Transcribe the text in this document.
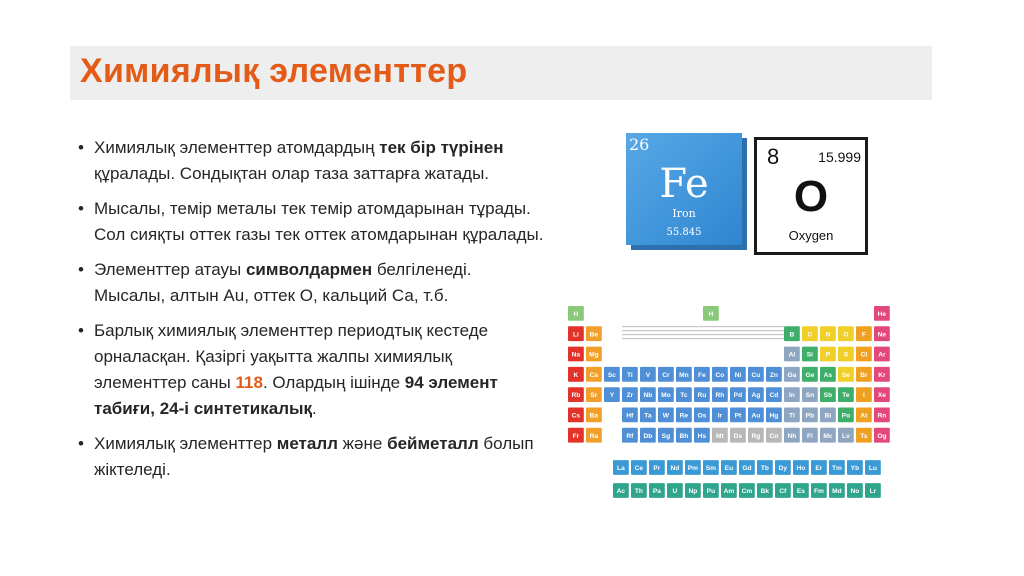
Химиялық элементтер
• Химиялық элементтер атомдардың тек бір түрінен құралады. Сондықтан олар таза заттарға жатады.
• Мысалы, темір металы тек темір атомдарынан тұрады. Сол сияқты оттек газы тек оттек атомдарынан құралады.
• Элементтер атауы символдармен белгіленеді. Мысалы, алтын Au, оттек О, кальций Са, т.б.
• Барлық химиялық элементтер периодтық кестеде орналасқан. Қазіргі уақытта жалпы химиялық элементтер саны 118. Олардың ішінде 94 элемент табиғи, 24-і синтетикалық.
• Химиялық элементтер металл және бейметалл болып жіктеледі.
26
Fe
Iron
55.845
8	15.999
O
Oxygen
H	He
Li Be	B C N O F Ne
Na Mg	Al Si P S Cl Ar
K Ca Sc Ti V Cr Mn Fe Co Ni Cu Zn Ga Ge As Se Br Kr
Rb Sr Y Zr Nb Mo Tc Ru Rh Pd Ag Cd In Sn Sb Te I Xe
Cs Ba	Hf Ta W Re Os Ir Pt Au Hg Tl Pb Bi Po At Rn
Fr Ra	Rf Db Sg Bh Hs Mt Ds Rg Cn Nh Fl Mc Lv Ts Og
H
La Ce Pr Nd Pm Sm Eu Gd Tb Dy Ho Er Tm Yb Lu
Ac Th Pa U Np Pu Am Cm Bk Cf Es Fm Md No Lr
